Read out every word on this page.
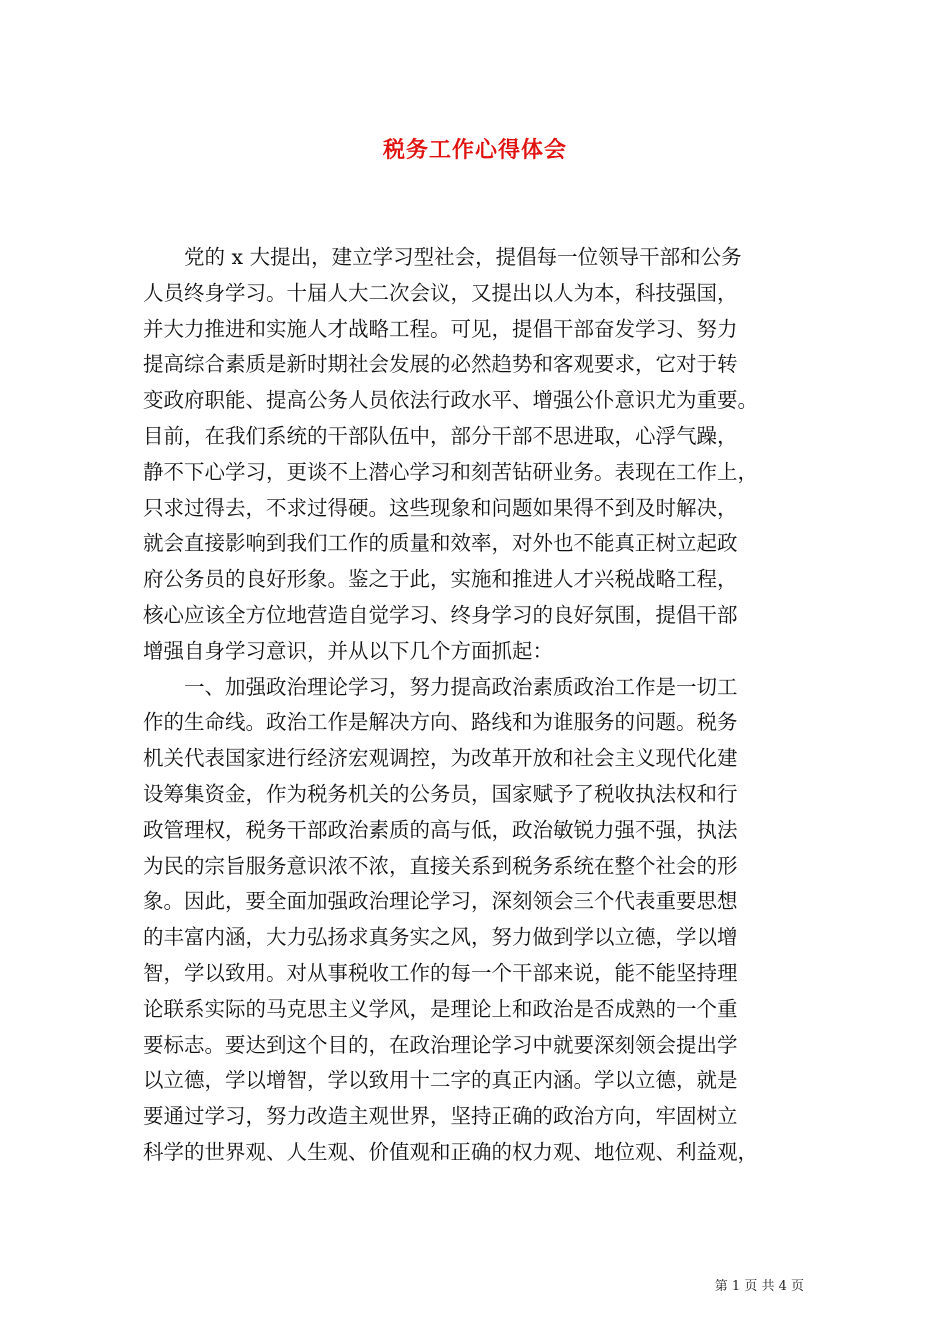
税务工作心得体会
　　党的 x 大提出，建立学习型社会，提倡每一位领导干部和公务
人员终身学习。十届人大二次会议，又提出以人为本，科技强国，
并大力推进和实施人才战略工程。可见，提倡干部奋发学习、努力
提高综合素质是新时期社会发展的必然趋势和客观要求，它对于转
变政府职能、提高公务人员依法行政水平、增强公仆意识尤为重要。
目前，在我们系统的干部队伍中，部分干部不思进取，心浮气躁，
静不下心学习，更谈不上潜心学习和刻苦钻研业务。表现在工作上，
只求过得去，不求过得硬。这些现象和问题如果得不到及时解决，
就会直接影响到我们工作的质量和效率，对外也不能真正树立起政
府公务员的良好形象。鉴之于此，实施和推进人才兴税战略工程，
核心应该全方位地营造自觉学习、终身学习的良好氛围，提倡干部
增强自身学习意识，并从以下几个方面抓起：
　　一、加强政治理论学习，努力提高政治素质政治工作是一切工
作的生命线。政治工作是解决方向、路线和为谁服务的问题。税务
机关代表国家进行经济宏观调控，为改革开放和社会主义现代化建
设筹集资金，作为税务机关的公务员，国家赋予了税收执法权和行
政管理权，税务干部政治素质的高与低，政治敏锐力强不强，执法
为民的宗旨服务意识浓不浓，直接关系到税务系统在整个社会的形
象。因此，要全面加强政治理论学习，深刻领会三个代表重要思想
的丰富内涵，大力弘扬求真务实之风，努力做到学以立德，学以增
智，学以致用。对从事税收工作的每一个干部来说，能不能坚持理
论联系实际的马克思主义学风，是理论上和政治是否成熟的一个重
要标志。要达到这个目的，在政治理论学习中就要深刻领会提出学
以立德，学以增智，学以致用十二字的真正内涵。学以立德，就是
要通过学习，努力改造主观世界，坚持正确的政治方向，牢固树立
科学的世界观、人生观、价值观和正确的权力观、地位观、利益观，
第 1 页 共 4 页
